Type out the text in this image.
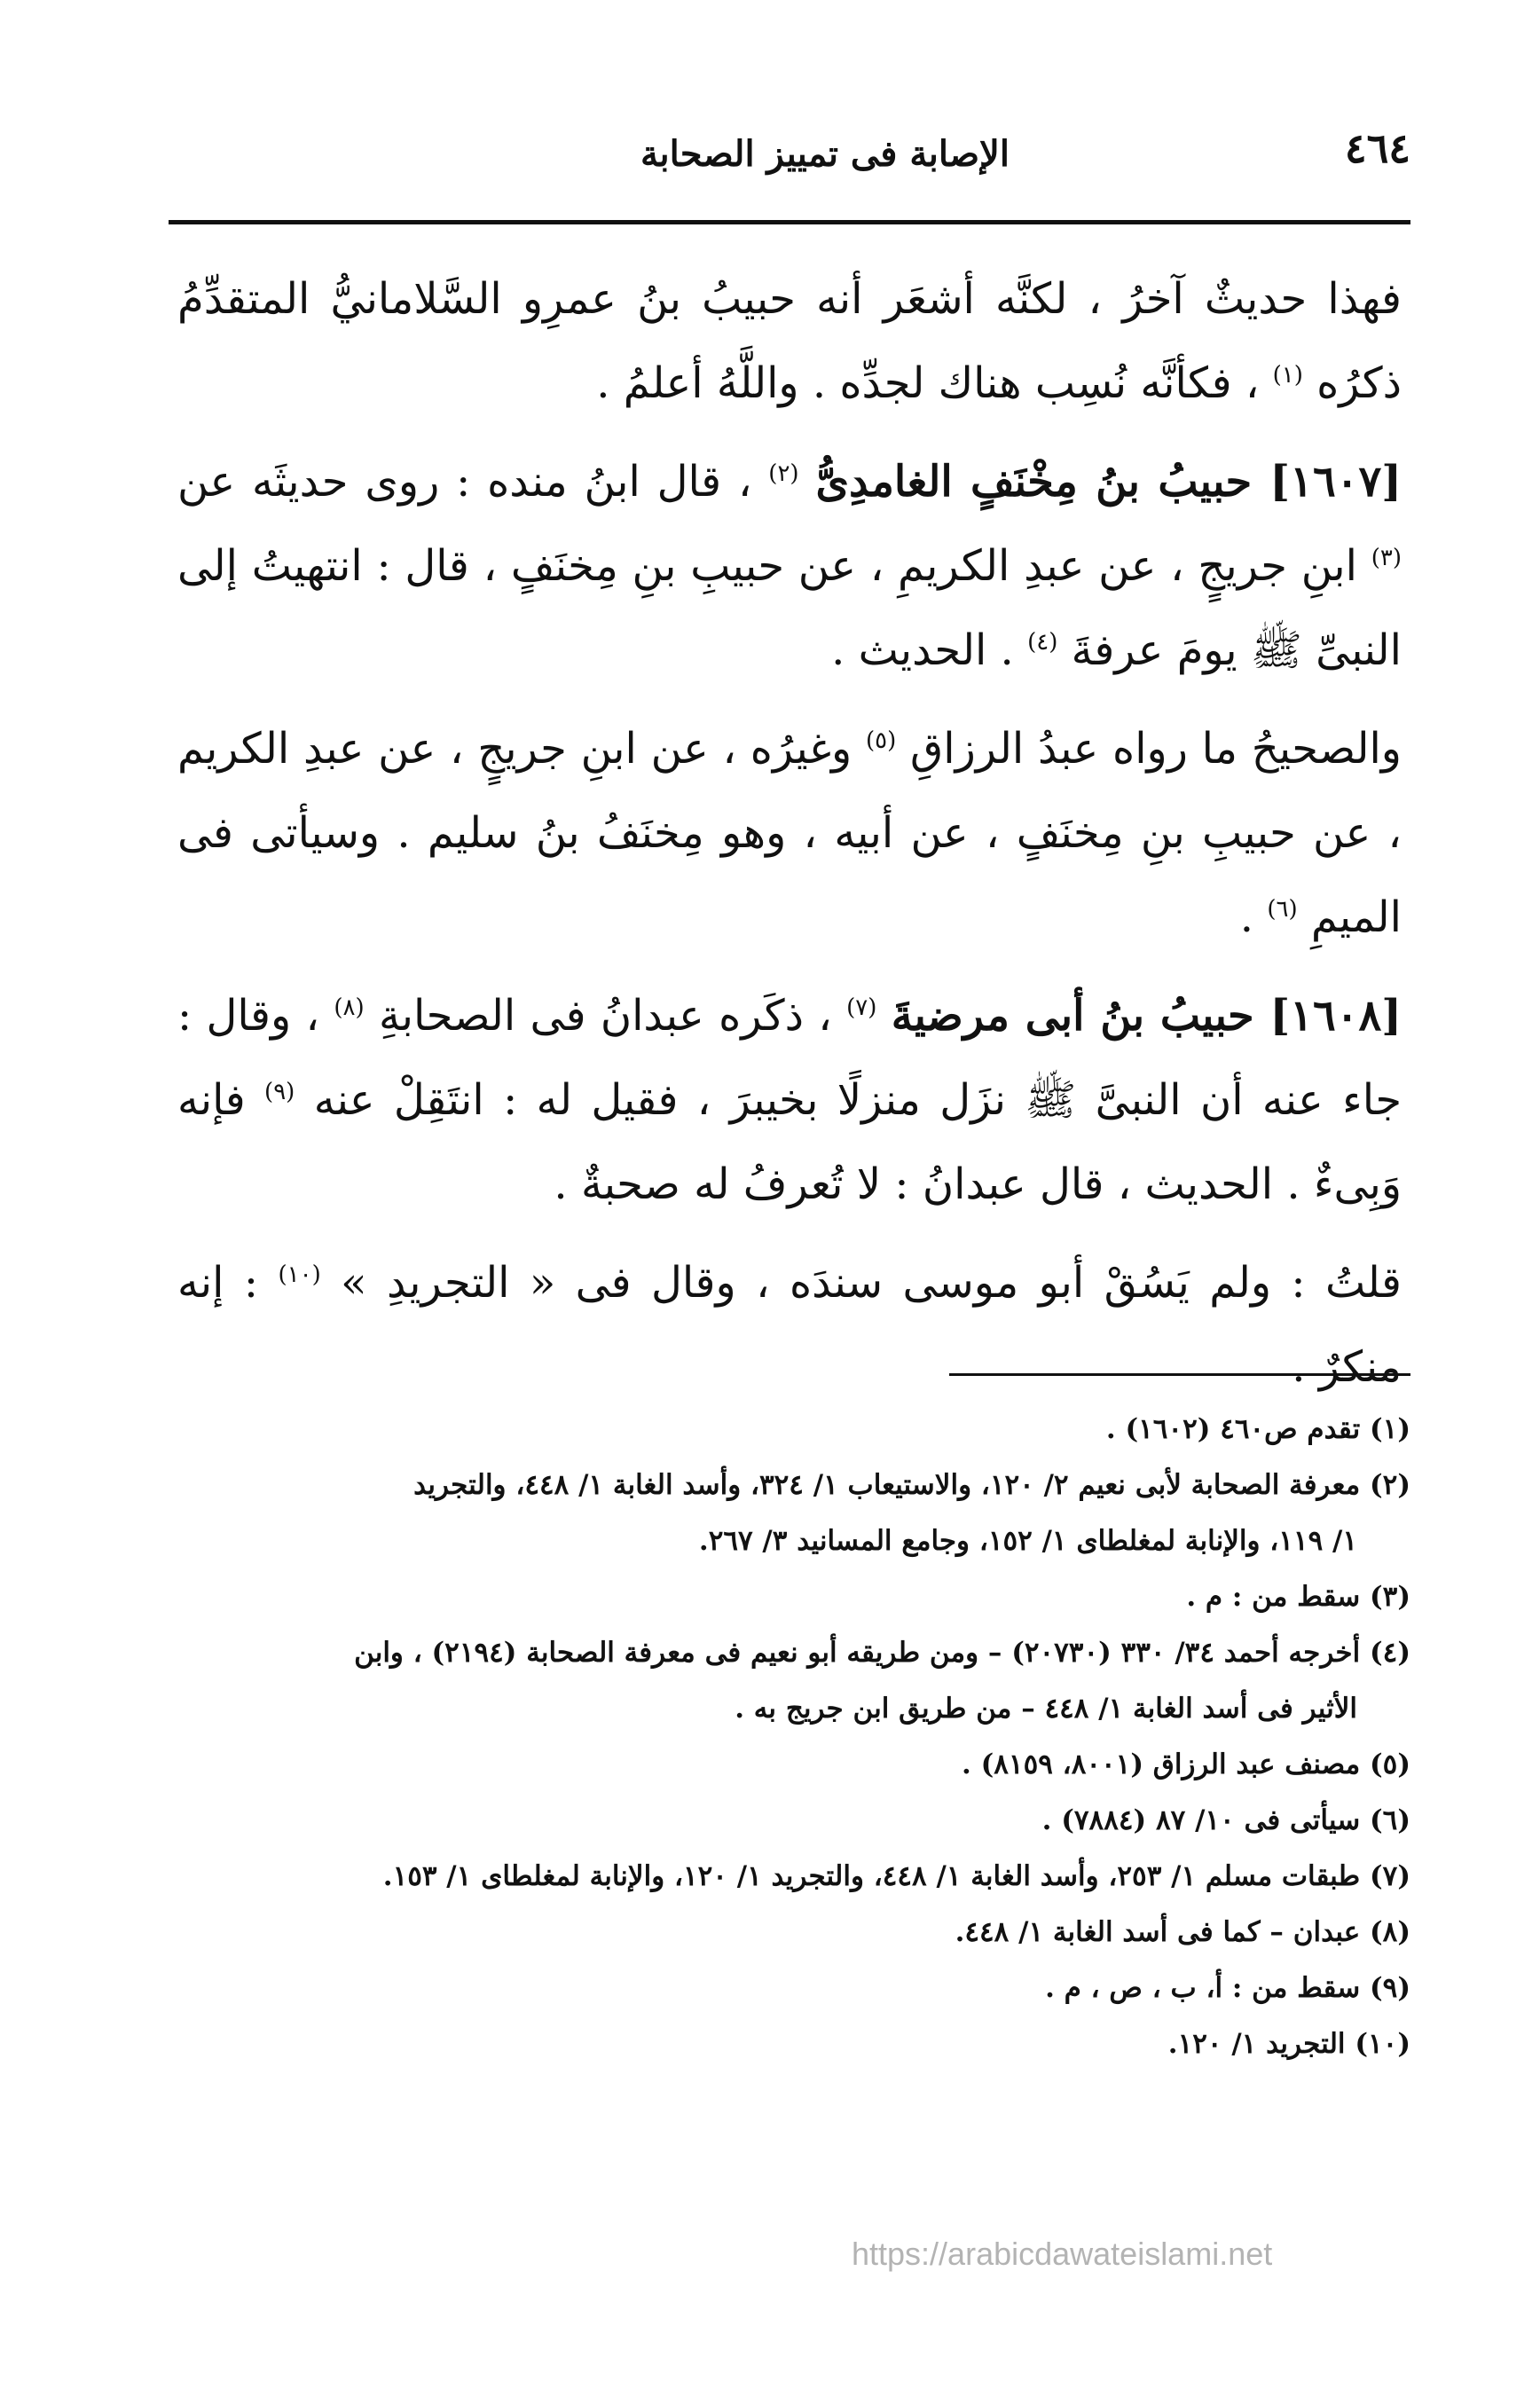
٤٦٤
الإصابة فى تمييز الصحابة

فهذا حديثٌ آخرُ ، لكنَّه أشعَر أنه حبيبُ بنُ عمرِو السَّلامانيُّ المتقدِّمُ ذكرُه $^{(١)}$ ، فكأنَّه نُسِب هناك لجدِّه . واللَّهُ أعلمُ .

[١٦٠٧] حبيبُ بنُ مِخْنَفٍ الغامدِىُّ $^{(٢)}$ ، قال ابنُ منده : روى حديثَه عن $^{(٣)}$ ابنِ جريجٍ ، عن عبدِ الكريمِ ، عن حبيبِ بنِ مِخنَفٍ ، قال : انتهيتُ إلى النبىِّ ﷺ يومَ عرفةَ $^{(٤)}$ . الحديث .

والصحيحُ ما رواه عبدُ الرزاقِ $^{(٥)}$ وغيرُه ، عن ابنِ جريجٍ ، عن عبدِ الكريم ، عن حبيبِ بنِ مِخنَفٍ ، عن أبيه ، وهو مِخنَفُ بنُ سليم . وسيأتى فى الميمِ $^{(٦)}$ .

[١٦٠٨] حبيبُ بنُ أبى مرضيةَ $^{(٧)}$ ، ذكَره عبدانُ فى الصحابةِ $^{(٨)}$ ، وقال : جاء عنه أن النبىَّ ﷺ نزَل منزلًا بخيبرَ ، فقيل له : انتَقِلْ عنه $^{(٩)}$ فإنه وَبِىءٌ . الحديث ، قال عبدانُ : لا تُعرفُ له صحبةٌ .

قلتُ : ولم يَسُقْ أبو موسى سندَه ، وقال فى « التجريدِ » $^{(١٠)}$ : إنه منكرٌ .

(١) تقدم ص٤٦٠ (١٦٠٢) .

(٢) معرفة الصحابة لأبى نعيم ٢/ ١٢٠، والاستيعاب ١/ ٣٢٤، وأسد الغابة ١/ ٤٤٨، والتجريد

١/ ١١٩، والإنابة لمغلطاى ١/ ١٥٢، وجامع المسانيد ٣/ ٢٦٧.

(٣) سقط من : م .

(٤) أخرجه أحمد ٣٤/ ٣٣٠ (٢٠٧٣٠) – ومن طريقه أبو نعيم فى معرفة الصحابة (٢١٩٤) ، وابن

الأثير فى أسد الغابة ١/ ٤٤٨ – من طريق ابن جريج به .

(٥) مصنف عبد الرزاق (٨٠٠١، ٨١٥٩) .

(٦) سيأتى فى ١٠/ ٨٧ (٧٨٨٤) .

(٧) طبقات مسلم ١/ ٢٥٣، وأسد الغابة ١/ ٤٤٨، والتجريد ١/ ١٢٠، والإنابة لمغلطاى ١/ ١٥٣.

(٨) عبدان – كما فى أسد الغابة ١/ ٤٤٨.

(٩) سقط من : أ، ب ، ص ، م .

(١٠) التجريد ١/ ١٢٠.

https://arabicdawateislami.net
